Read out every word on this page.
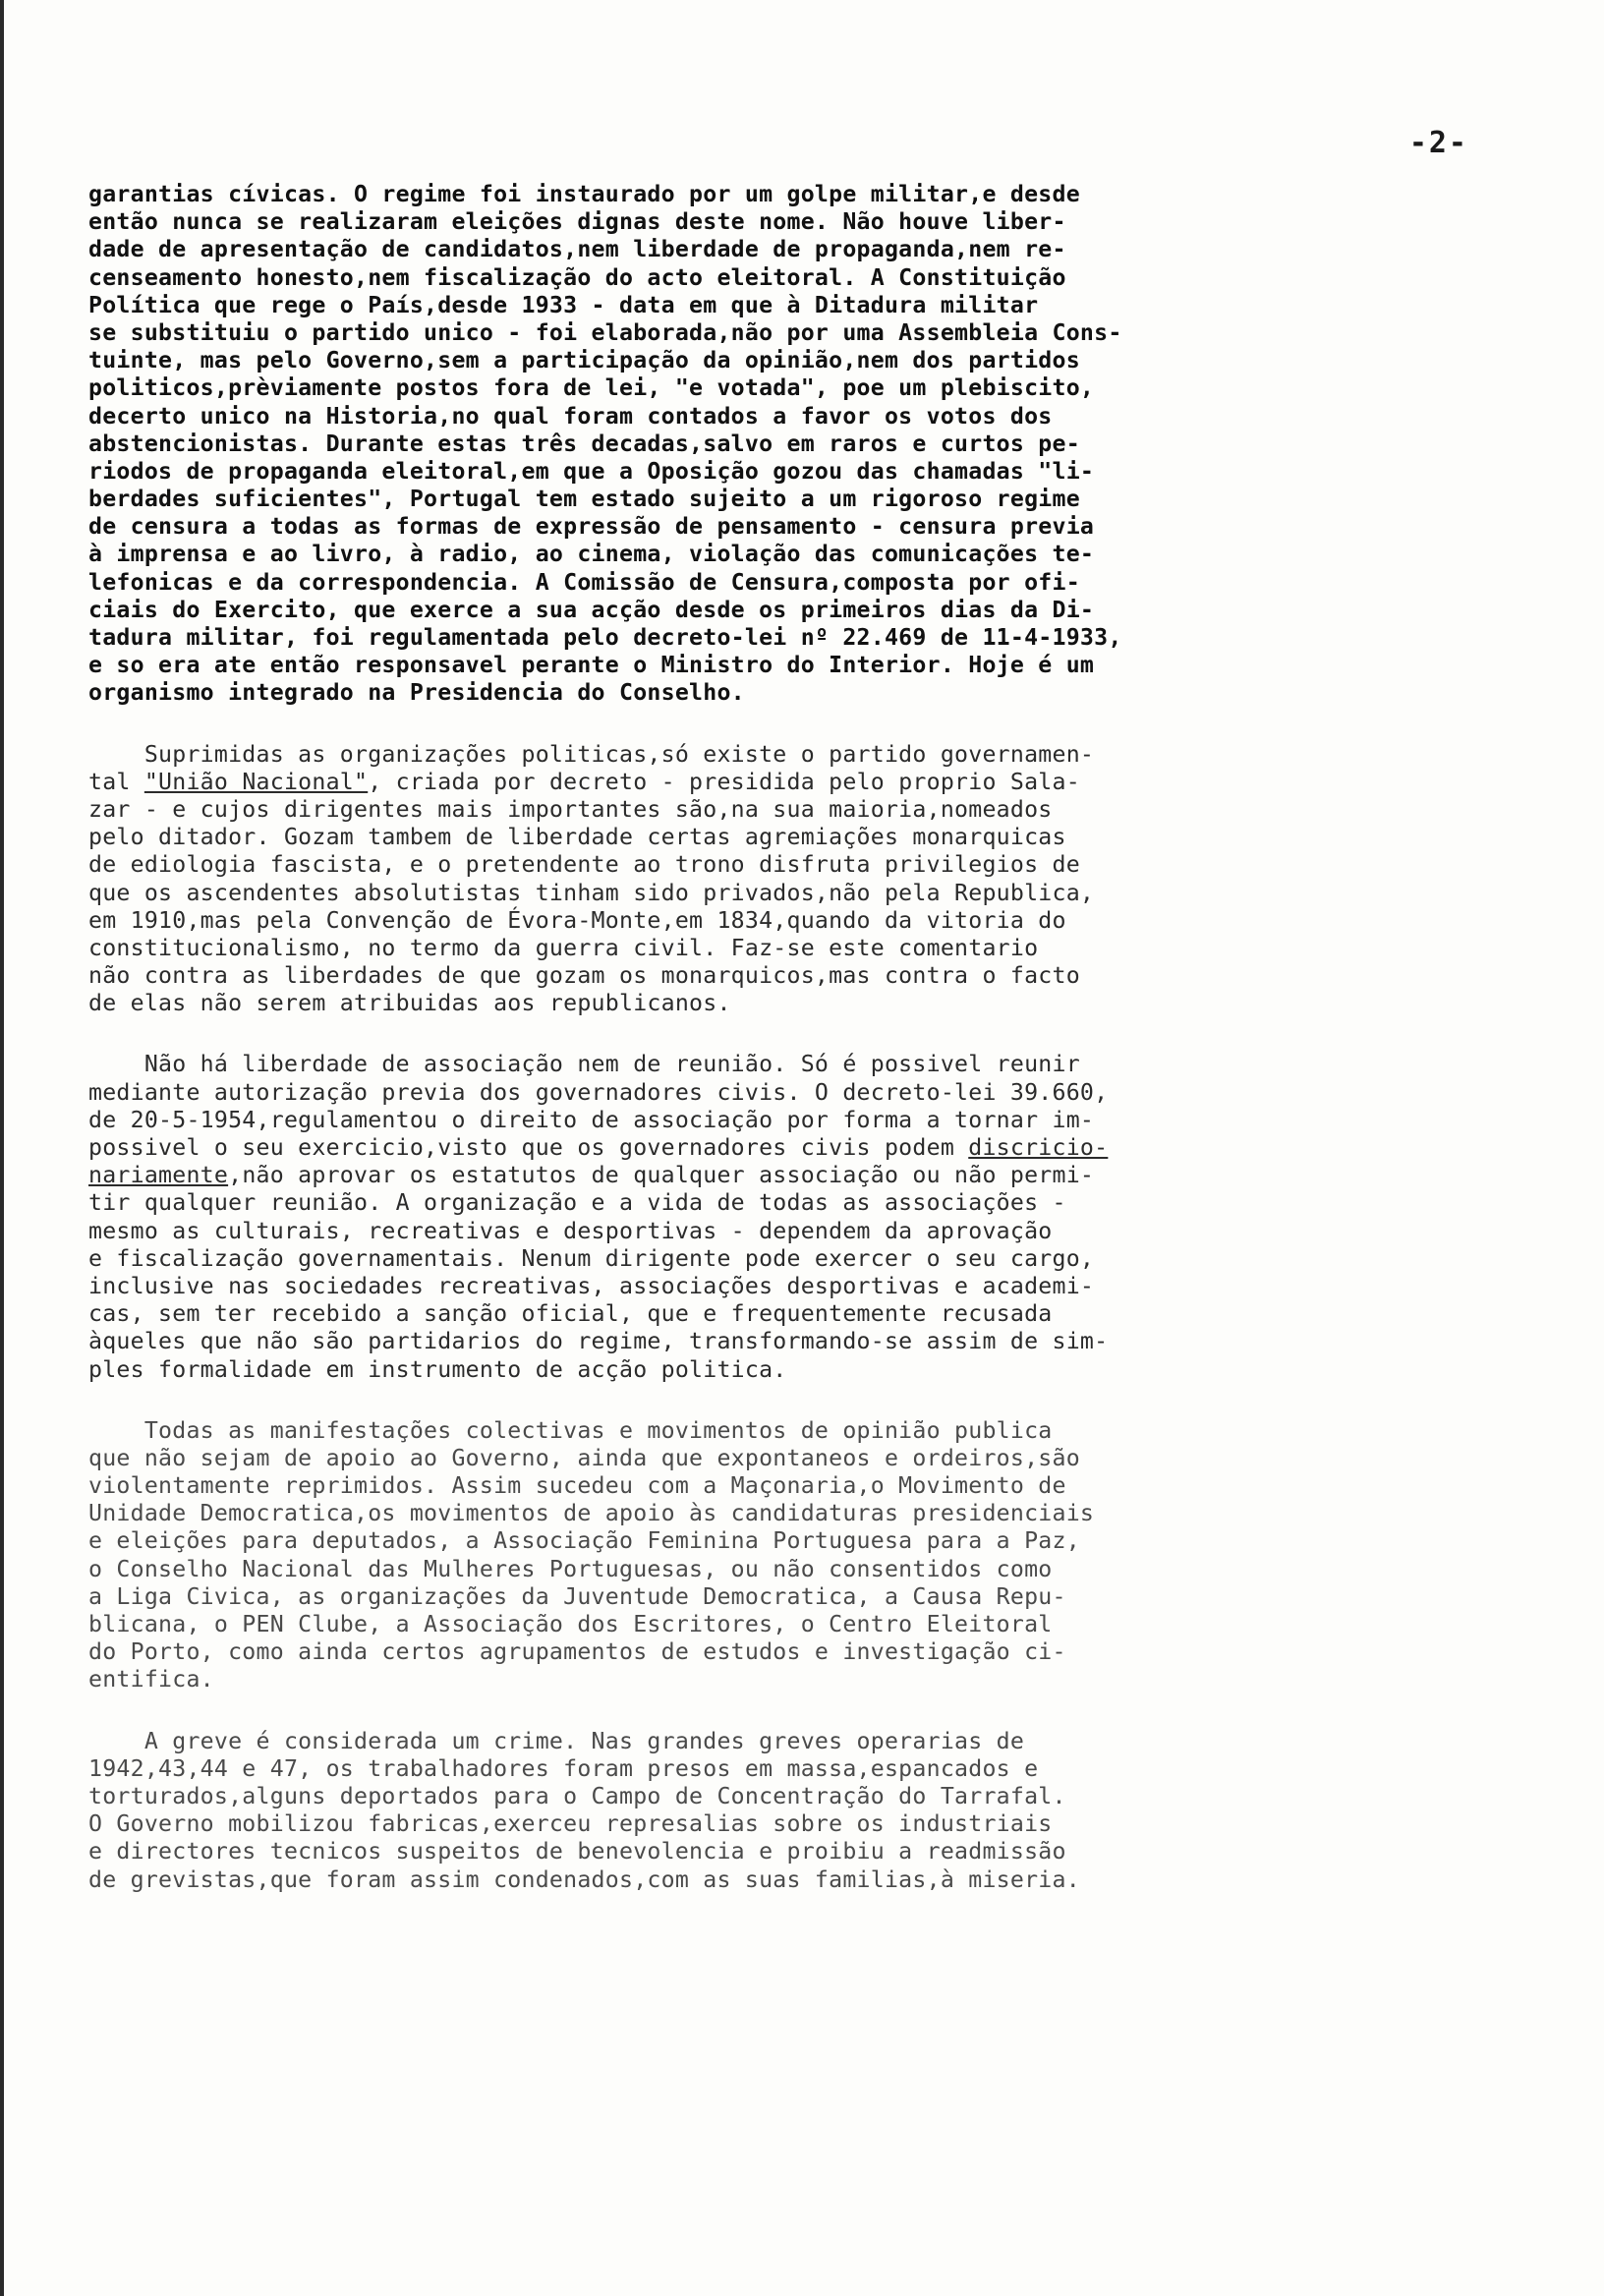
-2-
garantias cívicas. O regime foi instaurado por um golpe militar,e desde
então nunca se realizaram eleições dignas deste nome. Não houve liber-
dade de apresentação de candidatos,nem liberdade de propaganda,nem re-
censeamento honesto,nem fiscalização do acto eleitoral. A Constituição
Política que rege o País,desde 1933 - data em que à Ditadura militar
se substituiu o partido unico - foi elaborada,não por uma Assembleia Cons-
tuinte, mas pelo Governo,sem a participação da opinião,nem dos partidos
politicos,prèviamente postos fora de lei, "e votada", poe um plebiscito,
decerto unico na Historia,no qual foram contados a favor os votos dos
abstencionistas. Durante estas três decadas,salvo em raros e curtos pe-
riodos de propaganda eleitoral,em que a Oposição gozou das chamadas "li-
berdades suficientes", Portugal tem estado sujeito a um rigoroso regime
de censura a todas as formas de expressão de pensamento - censura previa
à imprensa e ao livro, à radio, ao cinema, violação das comunicações te-
lefonicas e da correspondencia. A Comissão de Censura,composta por ofi-
ciais do Exercito, que exerce a sua acção desde os primeiros dias da Di-
tadura militar, foi regulamentada pelo decreto-lei nº 22.469 de 11-4-1933,
e so era ate então responsavel perante o Ministro do Interior. Hoje é um
organismo integrado na Presidencia do Conselho.
Suprimidas as organizações politicas,só existe o partido governamen-
tal "União Nacional", criada por decreto - presidida pelo proprio Sala-
zar - e cujos dirigentes mais importantes são,na sua maioria,nomeados
pelo ditador. Gozam tambem de liberdade certas agremiações monarquicas
de ediologia fascista, e o pretendente ao trono disfruta privilegios de
que os ascendentes absolutistas tinham sido privados,não pela Republica,
em 1910,mas pela Convenção de Évora-Monte,em 1834,quando da vitoria do
constitucionalismo, no termo da guerra civil. Faz-se este comentario
não contra as liberdades de que gozam os monarquicos,mas contra o facto
de elas não serem atribuidas aos republicanos.
Não há liberdade de associação nem de reunião. Só é possivel reunir
mediante autorização previa dos governadores civis. O decreto-lei 39.660,
de 20-5-1954,regulamentou o direito de associação por forma a tornar im-
possivel o seu exercicio,visto que os governadores civis podem discricio-
nariamente,não aprovar os estatutos de qualquer associação ou não permi-
tir qualquer reunião. A organização e a vida de todas as associações -
mesmo as culturais, recreativas e desportivas - dependem da aprovação
e fiscalização governamentais. Nenum dirigente pode exercer o seu cargo,
inclusive nas sociedades recreativas, associações desportivas e academi-
cas, sem ter recebido a sanção oficial, que e frequentemente recusada
àqueles que não são partidarios do regime, transformando-se assim de sim-
ples formalidade em instrumento de acção politica.
Todas as manifestações colectivas e movimentos de opinião publica
que não sejam de apoio ao Governo, ainda que expontaneos e ordeiros,são
violentamente reprimidos. Assim sucedeu com a Maçonaria,o Movimento de
Unidade Democratica,os movimentos de apoio às candidaturas presidenciais
e eleições para deputados, a Associação Feminina Portuguesa para a Paz,
o Conselho Nacional das Mulheres Portuguesas, ou não consentidos como
a Liga Civica, as organizações da Juventude Democratica, a Causa Repu-
blicana, o PEN Clube, a Associação dos Escritores, o Centro Eleitoral
do Porto, como ainda certos agrupamentos de estudos e investigação ci-
entifica.
A greve é considerada um crime. Nas grandes greves operarias de
1942,43,44 e 47, os trabalhadores foram presos em massa,espancados e
torturados,alguns deportados para o Campo de Concentração do Tarrafal.
O Governo mobilizou fabricas,exerceu represalias sobre os industriais
e directores tecnicos suspeitos de benevolencia e proibiu a readmissão
de grevistas,que foram assim condenados,com as suas familias,à miseria.
